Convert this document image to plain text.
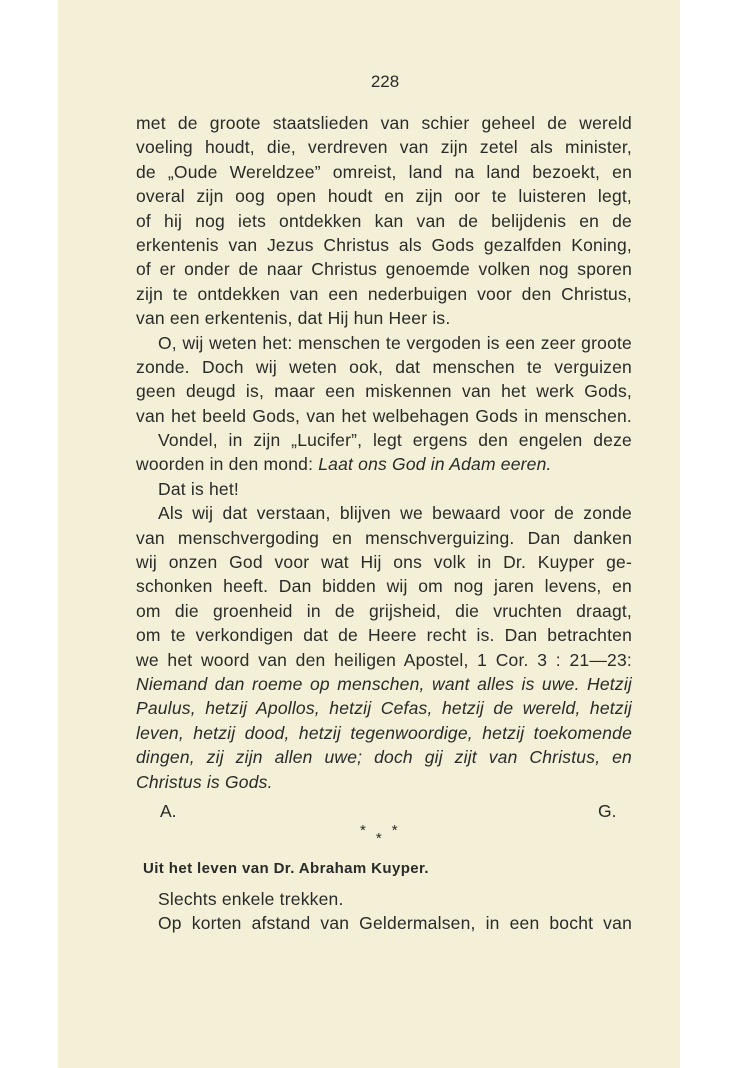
228
met de groote staatslieden van schier geheel de wereld
voeling houdt, die, verdreven van zijn zetel als minister,
de „Oude Wereldzee” omreist, land na land bezoekt, en
overal zijn oog open houdt en zijn oor te luisteren legt,
of hij nog iets ontdekken kan van de belijdenis en de
erkentenis van Jezus Christus als Gods gezalfden Koning,
of er onder de naar Christus genoemde volken nog sporen
zijn te ontdekken van een nederbuigen voor den Christus,
van een erkentenis, dat Hij hun Heer is.
O, wij weten het: menschen te vergoden is een zeer groote
zonde. Doch wij weten ook, dat menschen te verguizen
geen deugd is, maar een miskennen van het werk Gods,
van het beeld Gods, van het welbehagen Gods in menschen.
Vondel, in zijn „Lucifer”, legt ergens den engelen deze
woorden in den mond: Laat ons God in Adam eeren.
Dat is het!
Als wij dat verstaan, blijven we bewaard voor de zonde
van menschvergoding en menschverguizing. Dan danken
wij onzen God voor wat Hij ons volk in Dr. Kuyper ge-
schonken heeft. Dan bidden wij om nog jaren levens, en
om die groenheid in de grijsheid, die vruchten draagt,
om te verkondigen dat de Heere recht is. Dan betrachten
we het woord van den heiligen Apostel, 1 Cor. 3 : 21—23:
Niemand dan roeme op menschen, want alles is uwe. Hetzij
Paulus, hetzij Apollos, hetzij Cefas, hetzij de wereld, hetzij
leven, hetzij dood, hetzij tegenwoordige, hetzij toekomende
dingen, zij zijn allen uwe; doch gij zijt van Christus, en
Christus is Gods.
A.	G.
***
Uit het leven van Dr. Abraham Kuyper.
Slechts enkele trekken.
Op korten afstand van Geldermalsen, in een bocht van
